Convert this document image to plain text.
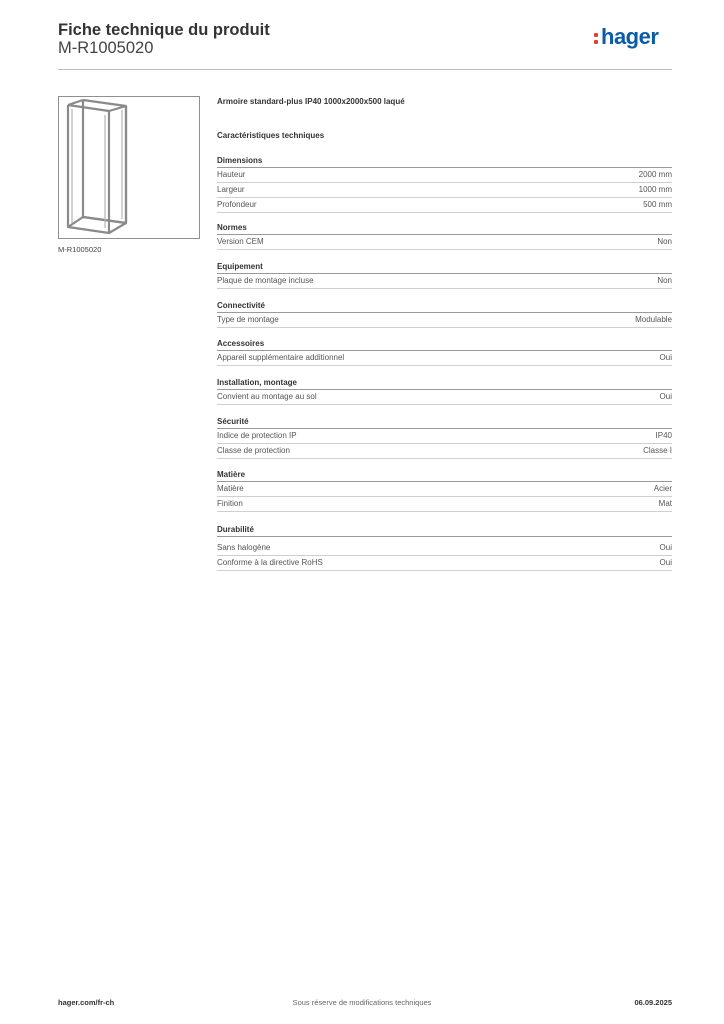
Fiche technique du produit
M-R1005020	hager
M-R1005020
Armoire standard-plus IP40 1000x2000x500 laqué
Caractéristiques techniques
Dimensions
Hauteur	2000 mm
Largeur	1000 mm
Profondeur	500 mm
Normes
Version CEM	Non
Equipement
Plaque de montage incluse	Non
Connectivité
Type de montage	Modulable
Accessoires
Appareil supplémentaire additionnel	Oui
Installation, montage
Convient au montage au sol	Oui
Sécurité
Indice de protection IP	IP40
Classe de protection	Classe I
Matière
Matière	Acier
Finition	Mat
Durabilité
Sans halogène	Oui
Conforme à la directive RoHS	Oui
Sous réserve de modifications techniques
hager.com/fr-ch	06.09.2025
